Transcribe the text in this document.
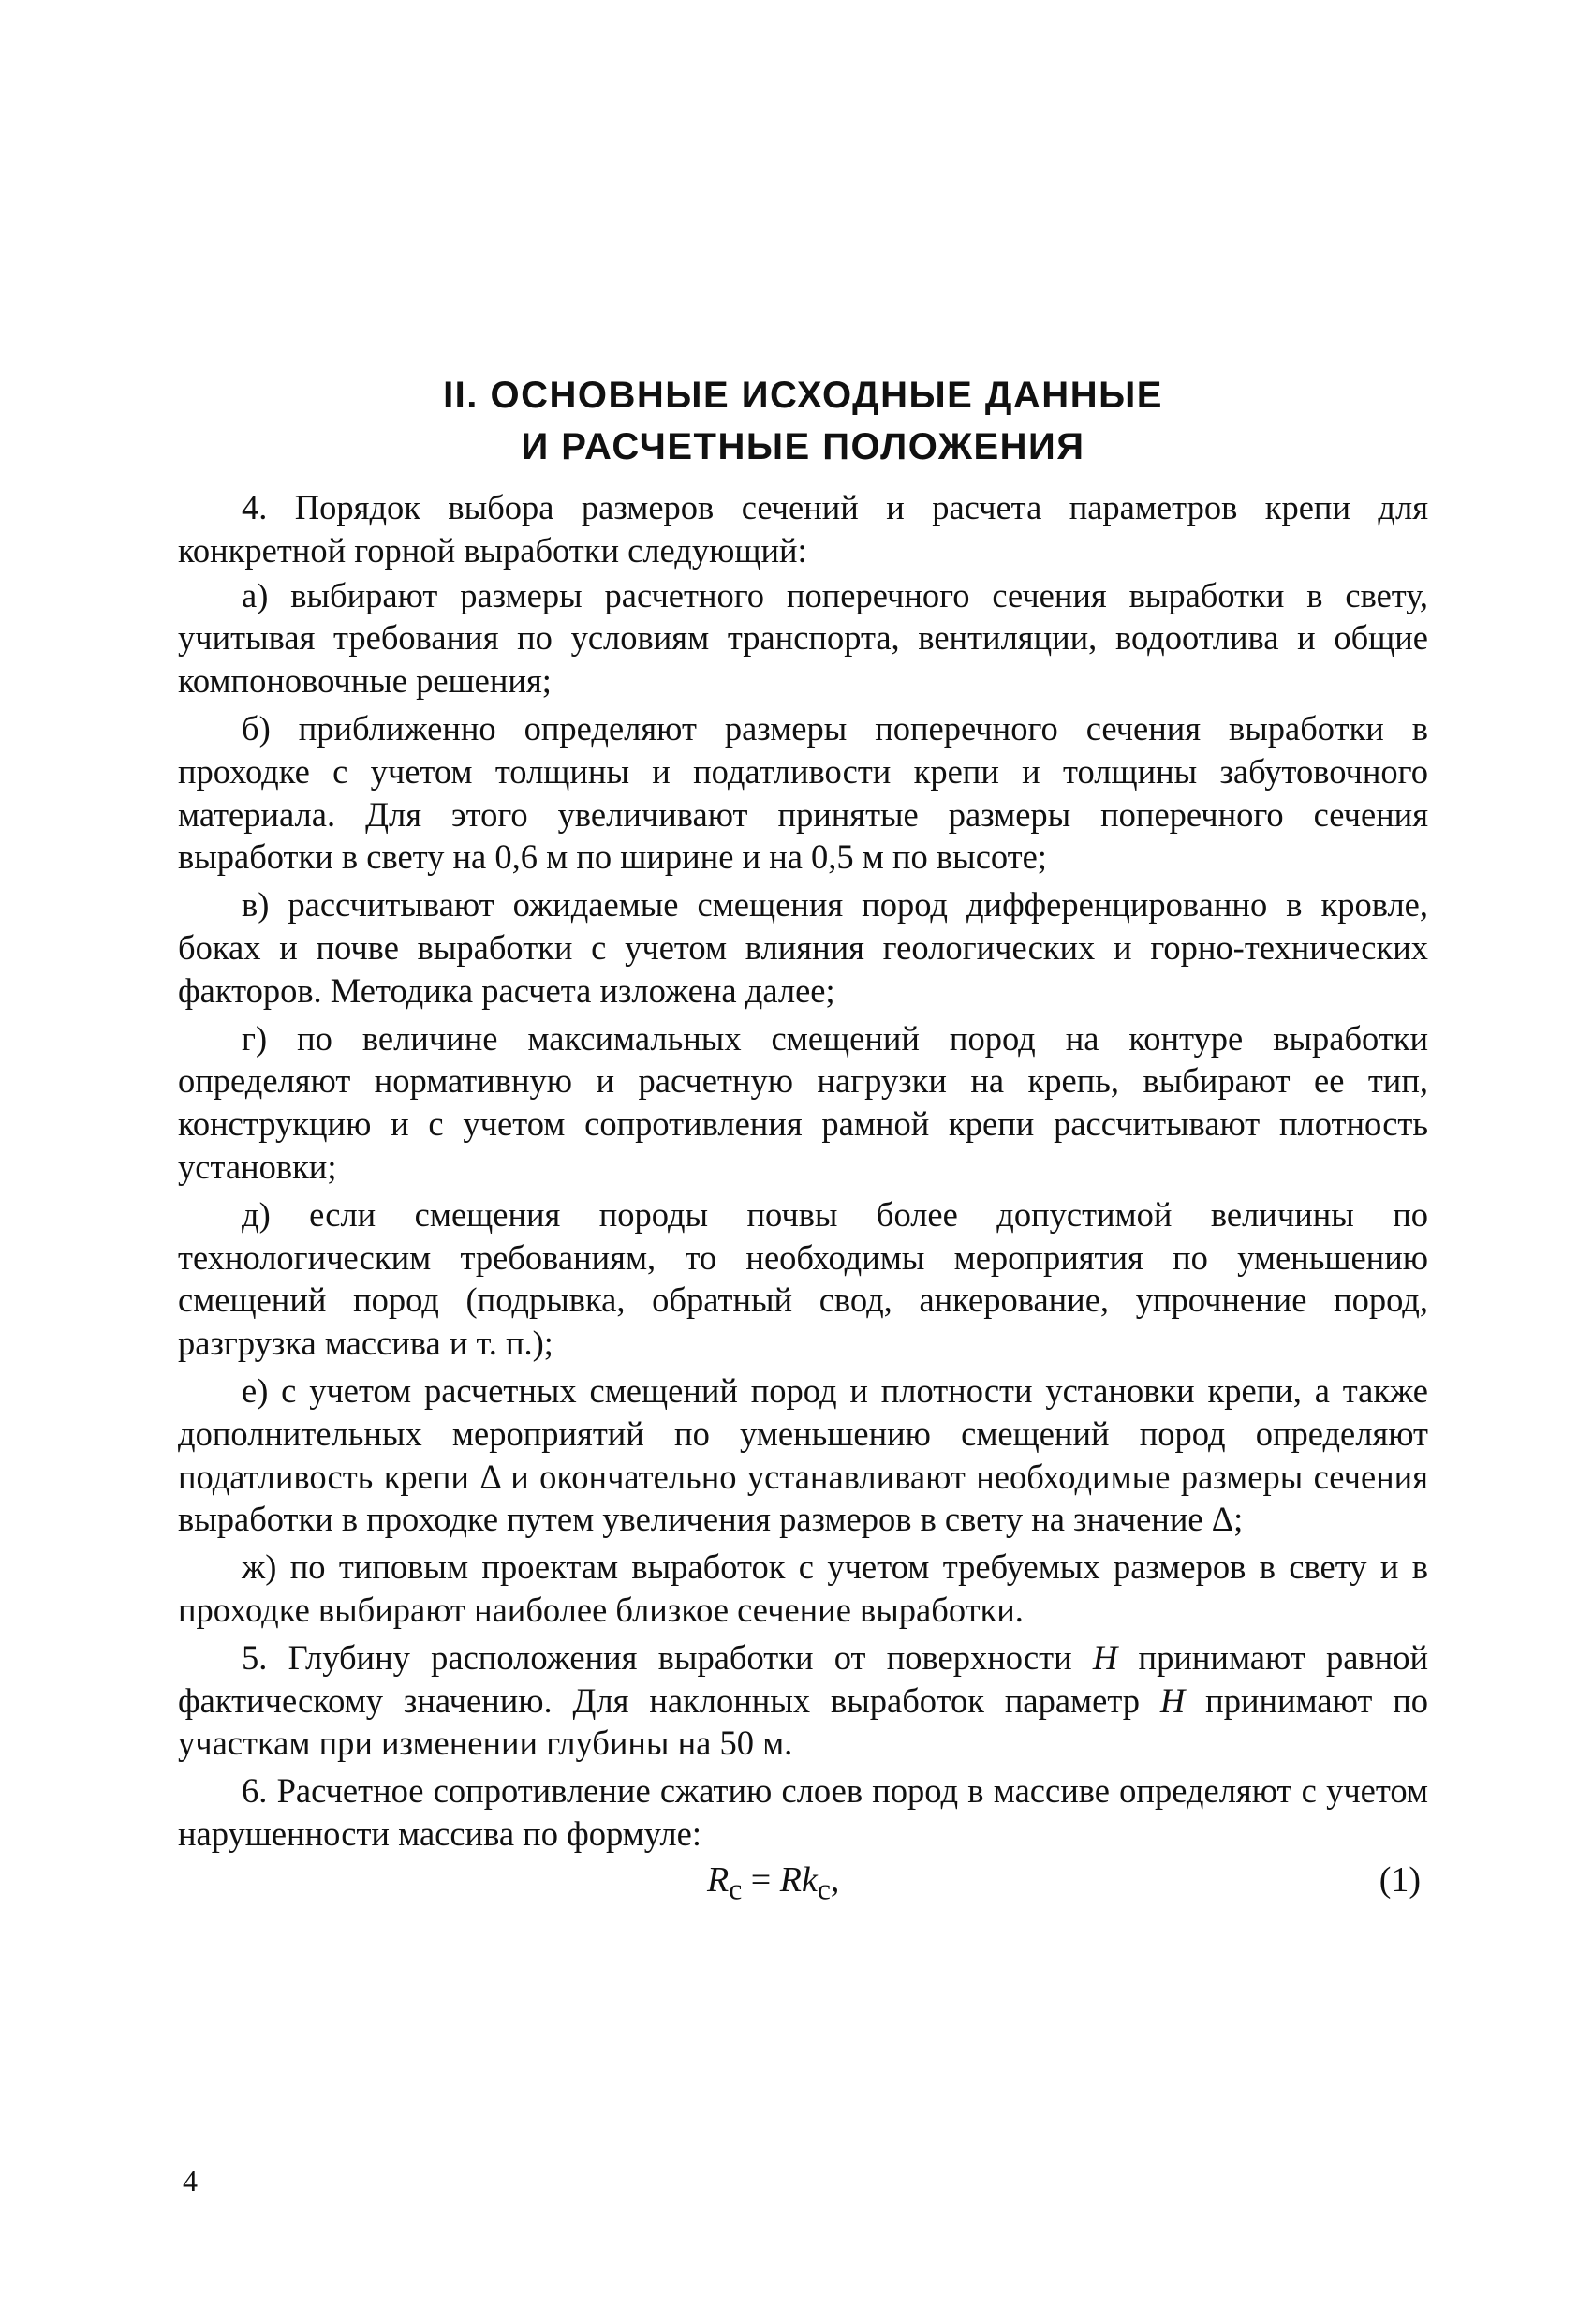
II. ОСНОВНЫЕ ИСХОДНЫЕ ДАННЫЕ
И РАСЧЕТНЫЕ ПОЛОЖЕНИЯ

4. Порядок выбора размеров сечений и расчета параметров крепи для конкретной горной выработки следующий:

а) выбирают размеры расчетного поперечного сечения выработки в свету, учитывая требования по условиям транспорта, вентиляции, водоотлива и общие компоновочные решения;

б) приближенно определяют размеры поперечного сечения выработки в проходке с учетом толщины и податливости крепи и толщины забутовочного материала. Для этого увеличивают принятые размеры поперечного сечения выработки в свету на 0,6 м по ширине и на 0,5 м по высоте;

в) рассчитывают ожидаемые смещения пород дифференцированно в кровле, боках и почве выработки с учетом влияния геологических и горно-технических факторов. Методика расчета изложена далее;

г) по величине максимальных смещений пород на контуре выработки определяют нормативную и расчетную нагрузки на крепь, выбирают ее тип, конструкцию и с учетом сопротивления рамной крепи рассчитывают плотность установки;

д) если смещения породы почвы более допустимой величины по технологическим требованиям, то необходимы мероприятия по уменьшению смещений пород (подрывка, обратный свод, анкерование, упрочнение пород, разгрузка массива и т. п.);

е) с учетом расчетных смещений пород и плотности установки крепи, а также дополнительных мероприятий по уменьшению смещений пород определяют податливость крепи Δ и окончательно устанавливают необходимые размеры сечения выработки в проходке путем увеличения размеров в свету на значение Δ;

ж) по типовым проектам выработок с учетом требуемых размеров в свету и в проходке выбирают наиболее близкое сечение выработки.

5. Глубину расположения выработки от поверхности H принимают равной фактическому значению. Для наклонных выработок параметр H принимают по участкам при изменении глубины на 50 м.

6. Расчетное сопротивление сжатию слоев пород в массиве определяют с учетом нарушенности массива по формуле:

$R_c = Rk_c$,	(1)
4
